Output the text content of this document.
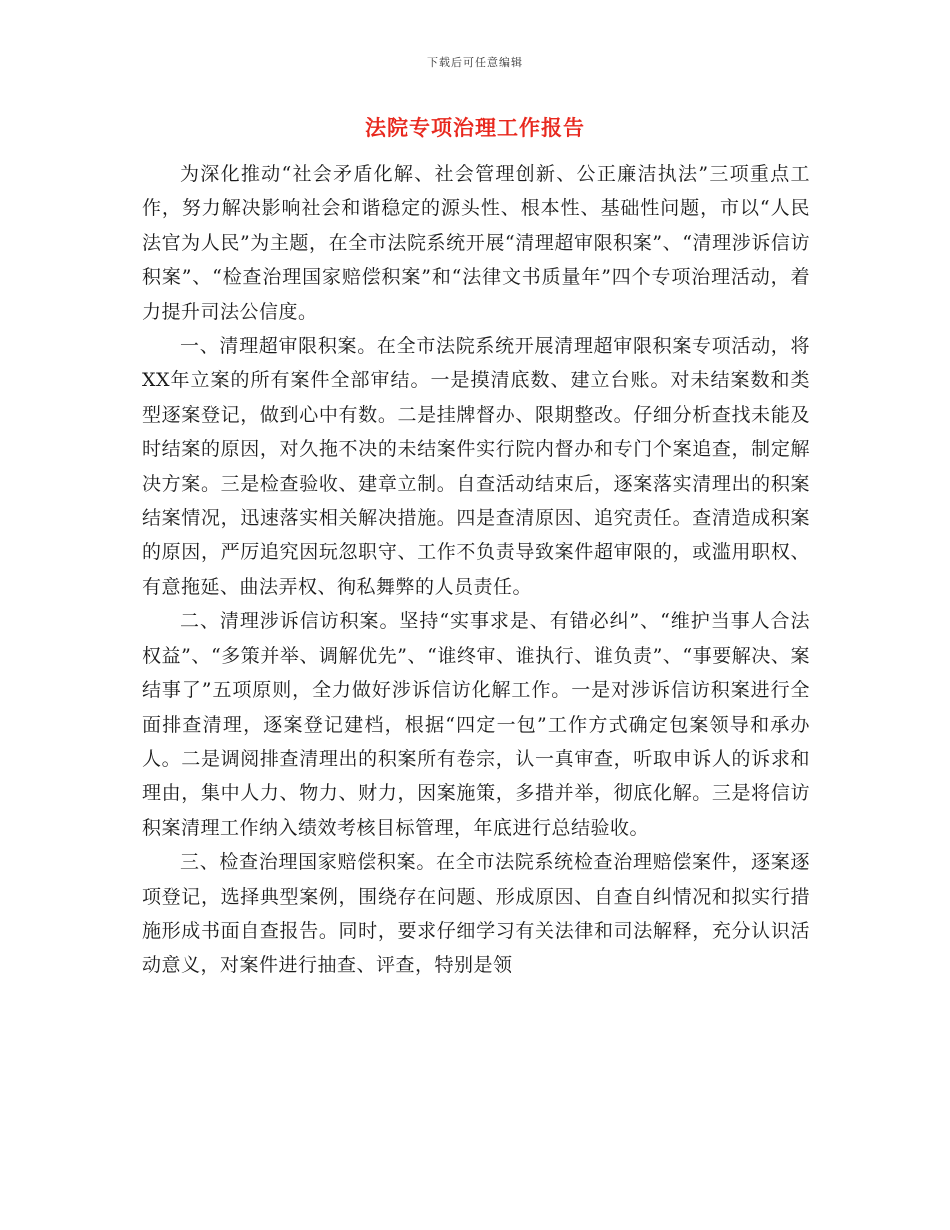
下载后可任意编辑
法院专项治理工作报告

为深化推动“社会矛盾化解、社会管理创新、公正廉洁执法”三项重点工作，努力解决影响社会和谐稳定的源头性、根本性、基础性问题，市以“人民法官为人民”为主题，在全市法院系统开展“清理超审限积案”、“清理涉诉信访积案”、“检查治理国家赔偿积案”和“法律文书质量年”四个专项治理活动，着力提升司法公信度。

一、清理超审限积案。在全市法院系统开展清理超审限积案专项活动，将XX年立案的所有案件全部审结。一是摸清底数、建立台账。对未结案数和类型逐案登记，做到心中有数。二是挂牌督办、限期整改。仔细分析查找未能及时结案的原因，对久拖不决的未结案件实行院内督办和专门个案追查，制定解决方案。三是检查验收、建章立制。自查活动结束后，逐案落实清理出的积案结案情况，迅速落实相关解决措施。四是查清原因、追究责任。查清造成积案的原因，严厉追究因玩忽职守、工作不负责导致案件超审限的，或滥用职权、有意拖延、曲法弄权、徇私舞弊的人员责任。

二、清理涉诉信访积案。坚持“实事求是、有错必纠”、“维护当事人合法权益”、“多策并举、调解优先”、“谁终审、谁执行、谁负责”、“事要解决、案结事了”五项原则，全力做好涉诉信访化解工作。一是对涉诉信访积案进行全面排查清理，逐案登记建档，根据“四定一包”工作方式确定包案领导和承办人。二是调阅排查清理出的积案所有卷宗，认一真审查，听取申诉人的诉求和理由，集中人力、物力、财力，因案施策，多措并举，彻底化解。三是将信访积案清理工作纳入绩效考核目标管理，年底进行总结验收。

三、检查治理国家赔偿积案。在全市法院系统检查治理赔偿案件，逐案逐项登记，选择典型案例，围绕存在问题、形成原因、自查自纠情况和拟实行措施形成书面自查报告。同时，要求仔细学习有关法律和司法解释，充分认识活动意义，对案件进行抽查、评查，特别是领
